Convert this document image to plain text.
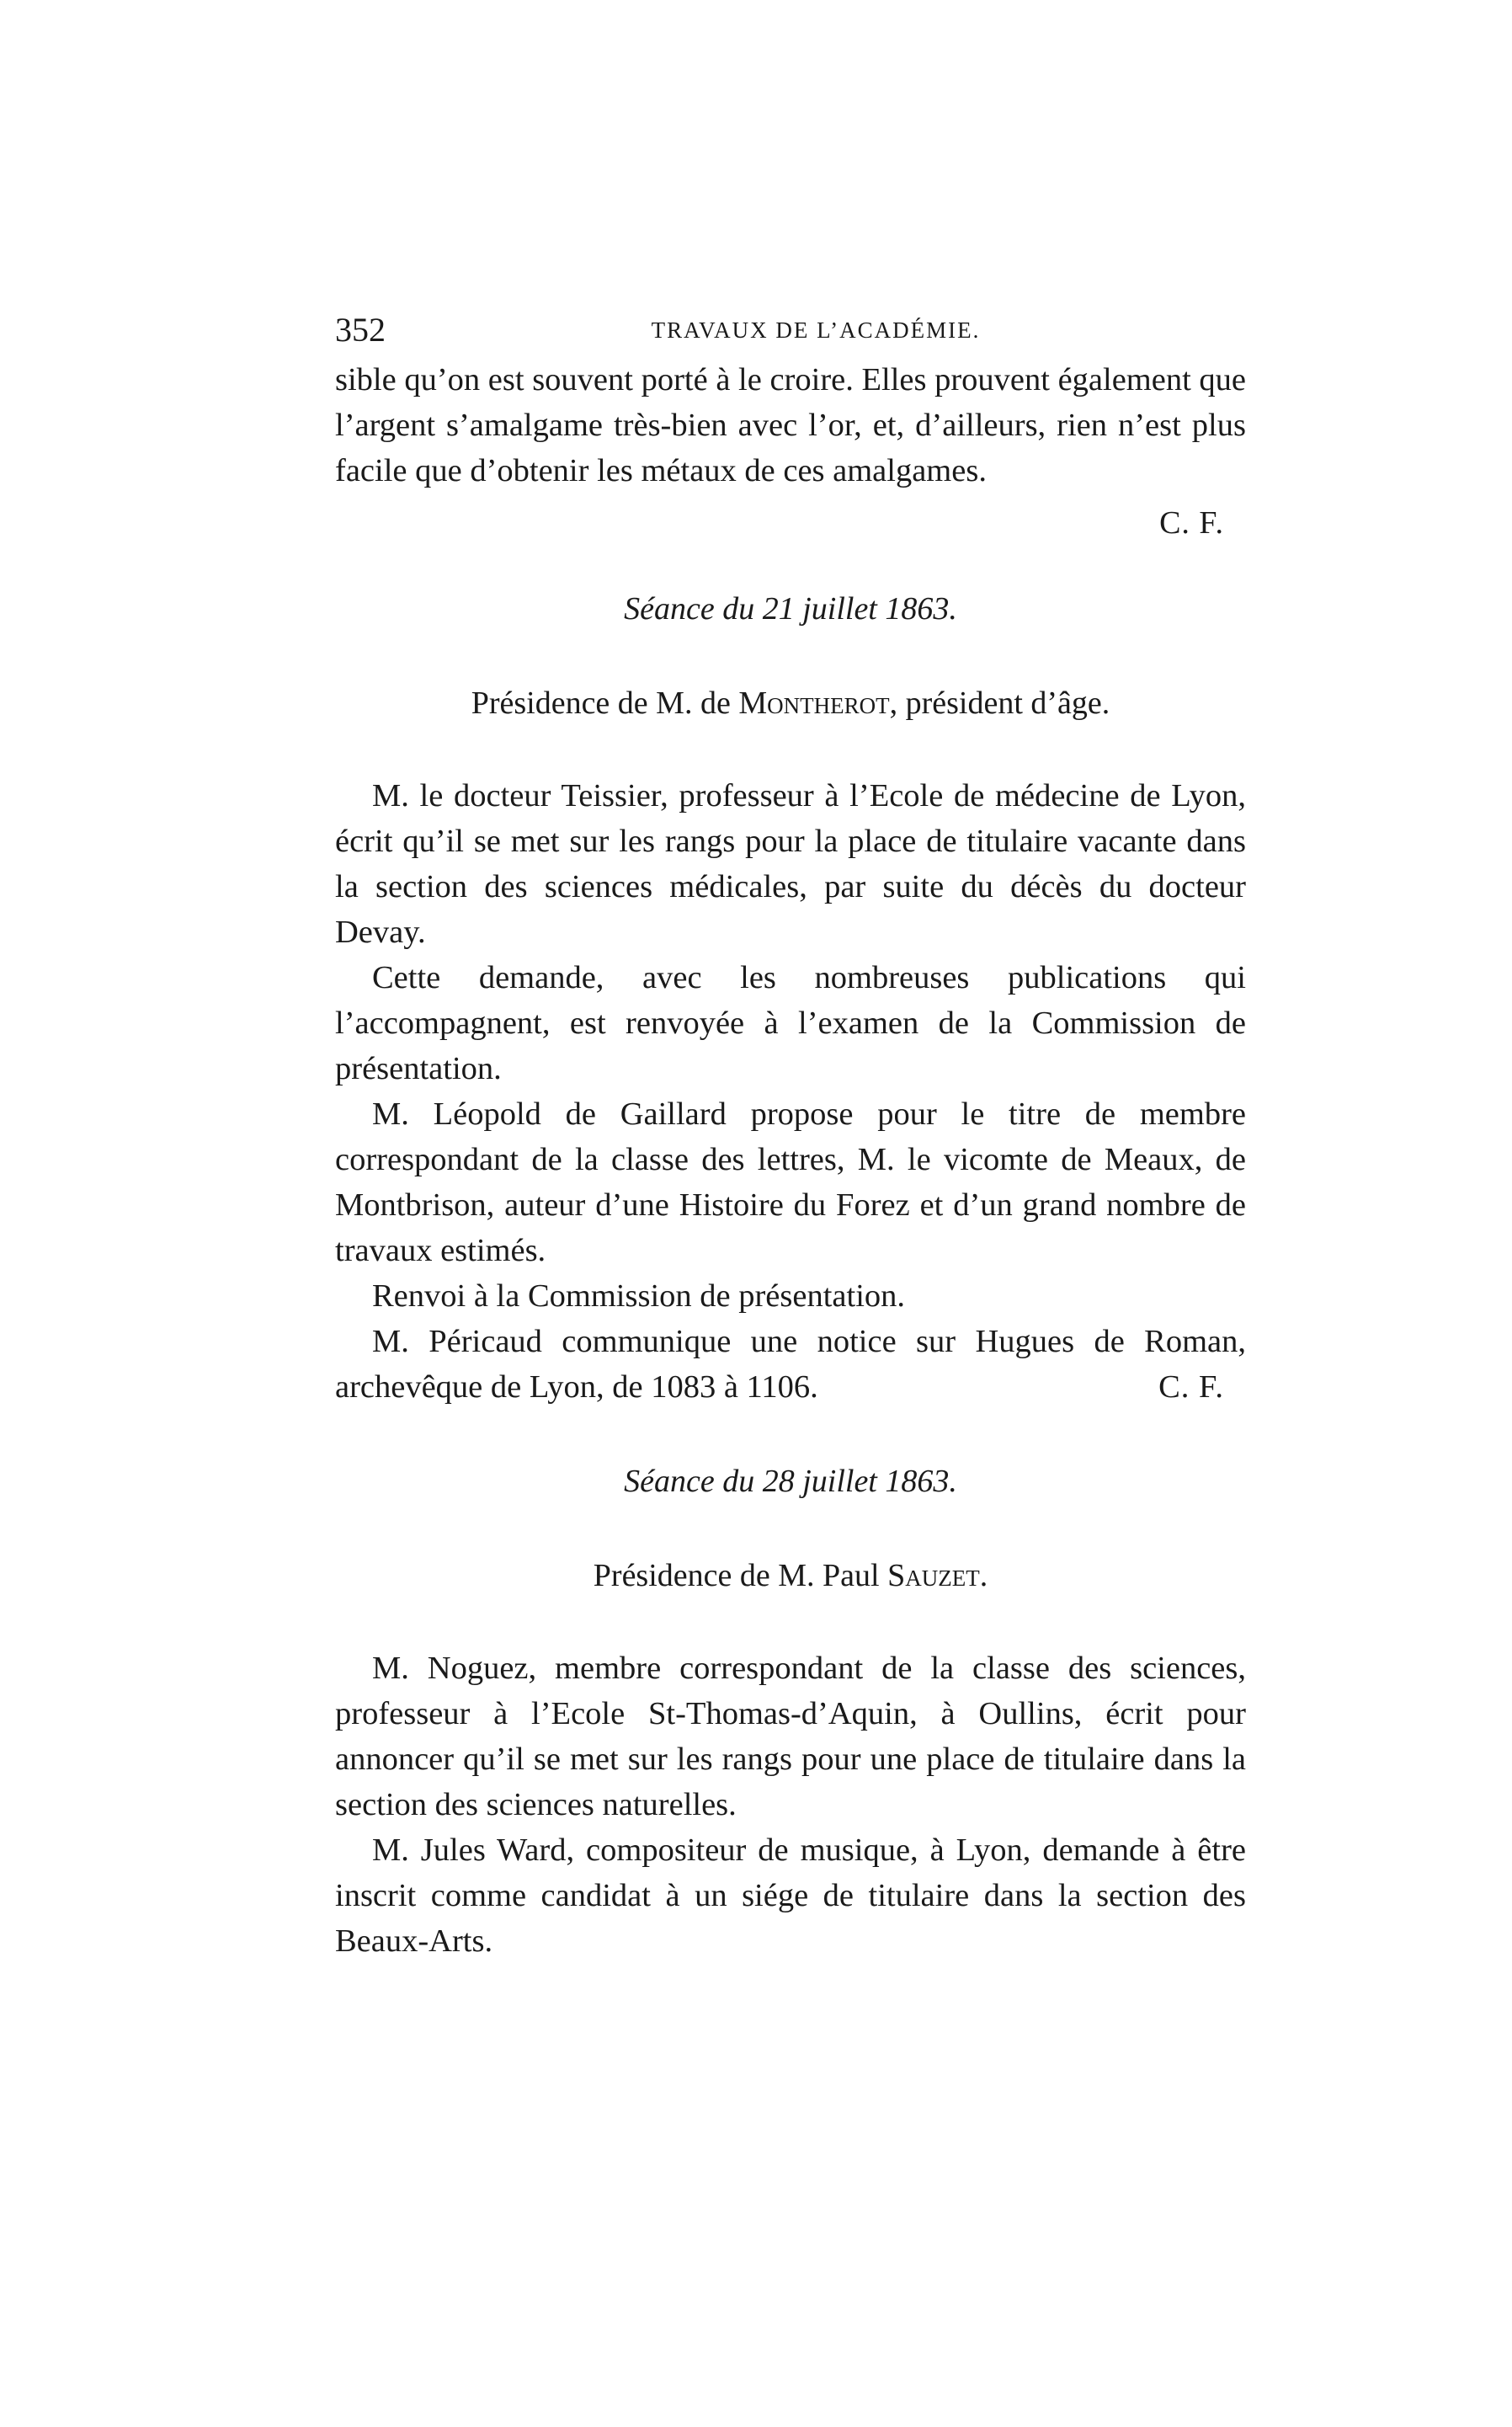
352	TRAVAUX DE L’ACADÉMIE.

sible qu’on est souvent porté à le croire. Elles prouvent également que l’argent s’amalgame très-bien avec l’or, et, d’ailleurs, rien n’est plus facile que d’obtenir les métaux de ces amalgames.

C. F.
Séance du 21 juillet 1863.
Présidence de M. de Montherot, président d’âge.

M. le docteur Teissier, professeur à l’Ecole de médecine de Lyon, écrit qu’il se met sur les rangs pour la place de titulaire vacante dans la section des sciences médicales, par suite du décès du docteur Devay.

Cette demande, avec les nombreuses publications qui l’accompagnent, est renvoyée à l’examen de la Commission de présentation.

M. Léopold de Gaillard propose pour le titre de membre correspondant de la classe des lettres, M. le vicomte de Meaux, de Montbrison, auteur d’une Histoire du Forez et d’un grand nombre de travaux estimés.

Renvoi à la Commission de présentation.

M. Péricaud communique une notice sur Hugues de Roman, archevêque de Lyon, de 1083 à 1106.	C. F.

Séance du 28 juillet 1863.
Présidence de M. Paul Sauzet.

M. Noguez, membre correspondant de la classe des sciences, professeur à l’Ecole St-Thomas-d’Aquin, à Oullins, écrit pour annoncer qu’il se met sur les rangs pour une place de titulaire dans la section des sciences naturelles.

M. Jules Ward, compositeur de musique, à Lyon, demande à être inscrit comme candidat à un siége de titulaire dans la section des Beaux-Arts.
